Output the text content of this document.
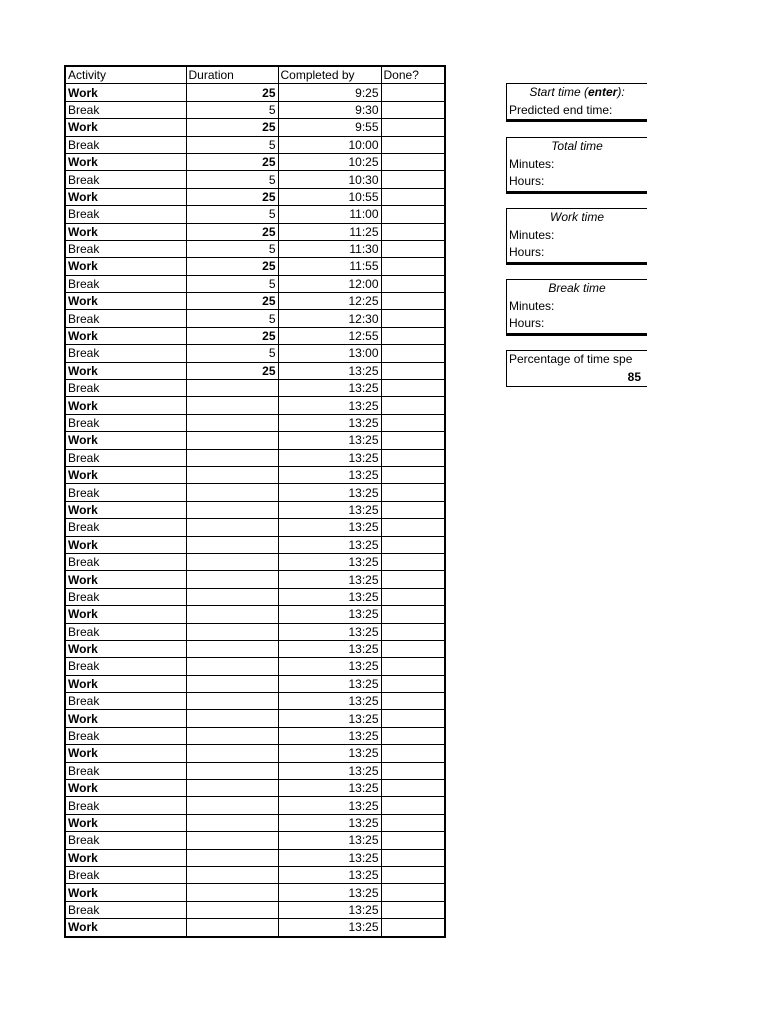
Activity	Duration	Completed by	Done?
Work	25	9:25	
Break	5	9:30	
Work	25	9:55	
Break	5	10:00	
Work	25	10:25	
Break	5	10:30	
Work	25	10:55	
Break	5	11:00	
Work	25	11:25	
Break	5	11:30	
Work	25	11:55	
Break	5	12:00	
Work	25	12:25	
Break	5	12:30	
Work	25	12:55	
Break	5	13:00	
Work	25	13:25	
Break		13:25	
Work		13:25	
Break		13:25	
Work		13:25	
Break		13:25	
Work		13:25	
Break		13:25	
Work		13:25	
Break		13:25	
Work		13:25	
Break		13:25	
Work		13:25	
Break		13:25	
Work		13:25	
Break		13:25	
Work		13:25	
Break		13:25	
Work		13:25	
Break		13:25	
Work		13:25	
Break		13:25	
Work		13:25	
Break		13:25	
Work		13:25	
Break		13:25	
Work		13:25	
Break		13:25	
Work		13:25	
Break		13:25	
Work		13:25	
Break		13:25	
Work		13:25	
Start time (enter):
Predicted end time:
Total time
Minutes:
Hours:
Work time
Minutes:
Hours:
Break time
Minutes:
Hours:
Percentage of time spe
85
